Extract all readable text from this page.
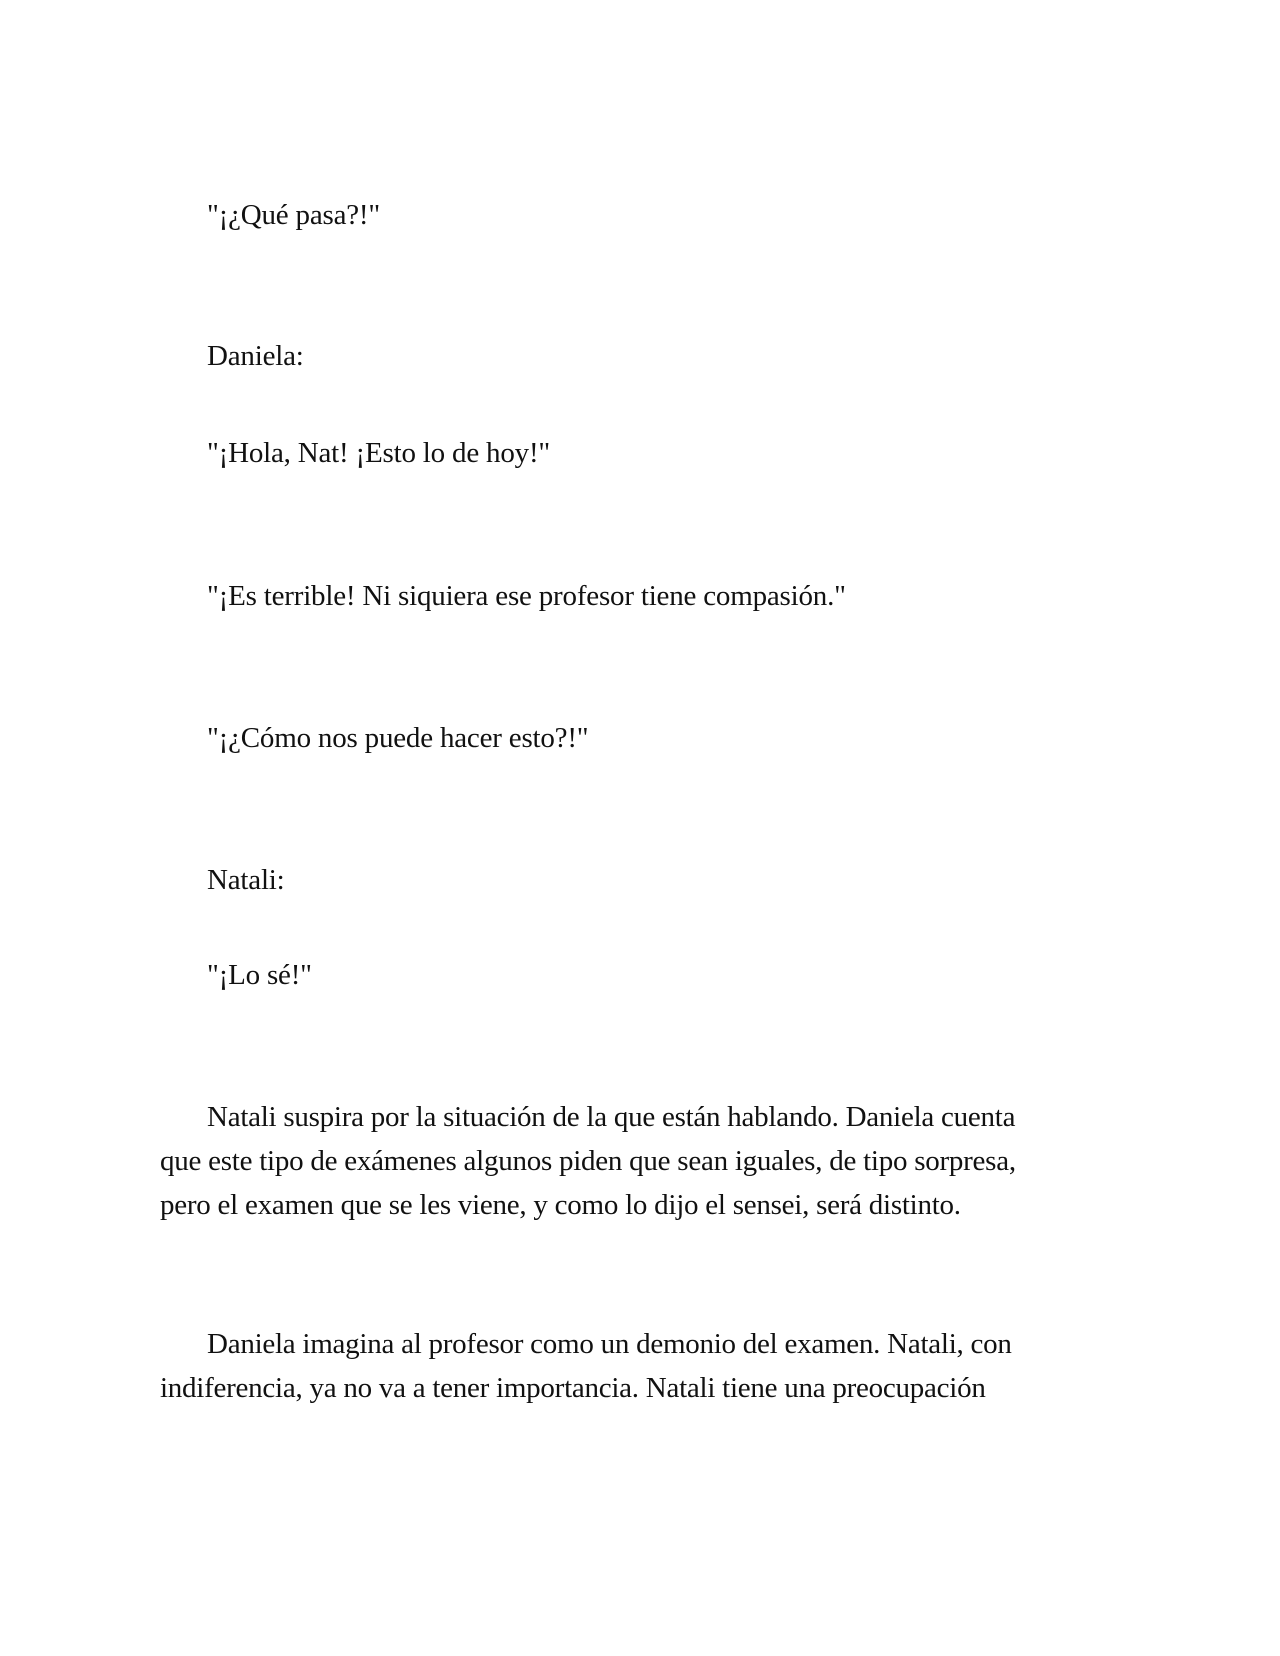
"¡¿Qué pasa?!"
Daniela:
"¡Hola, Nat! ¡Esto lo de hoy!"
"¡Es terrible! Ni siquiera ese profesor tiene compasión."
"¡¿Cómo nos puede hacer esto?!"
Natali:
"¡Lo sé!"
Natali suspira por la situación de la que están hablando. Daniela cuenta
que este tipo de exámenes algunos piden que sean iguales, de tipo sorpresa,
pero el examen que se les viene, y como lo dijo el sensei, será distinto.
Daniela imagina al profesor como un demonio del examen. Natali, con
indiferencia, ya no va a tener importancia. Natali tiene una preocupación
